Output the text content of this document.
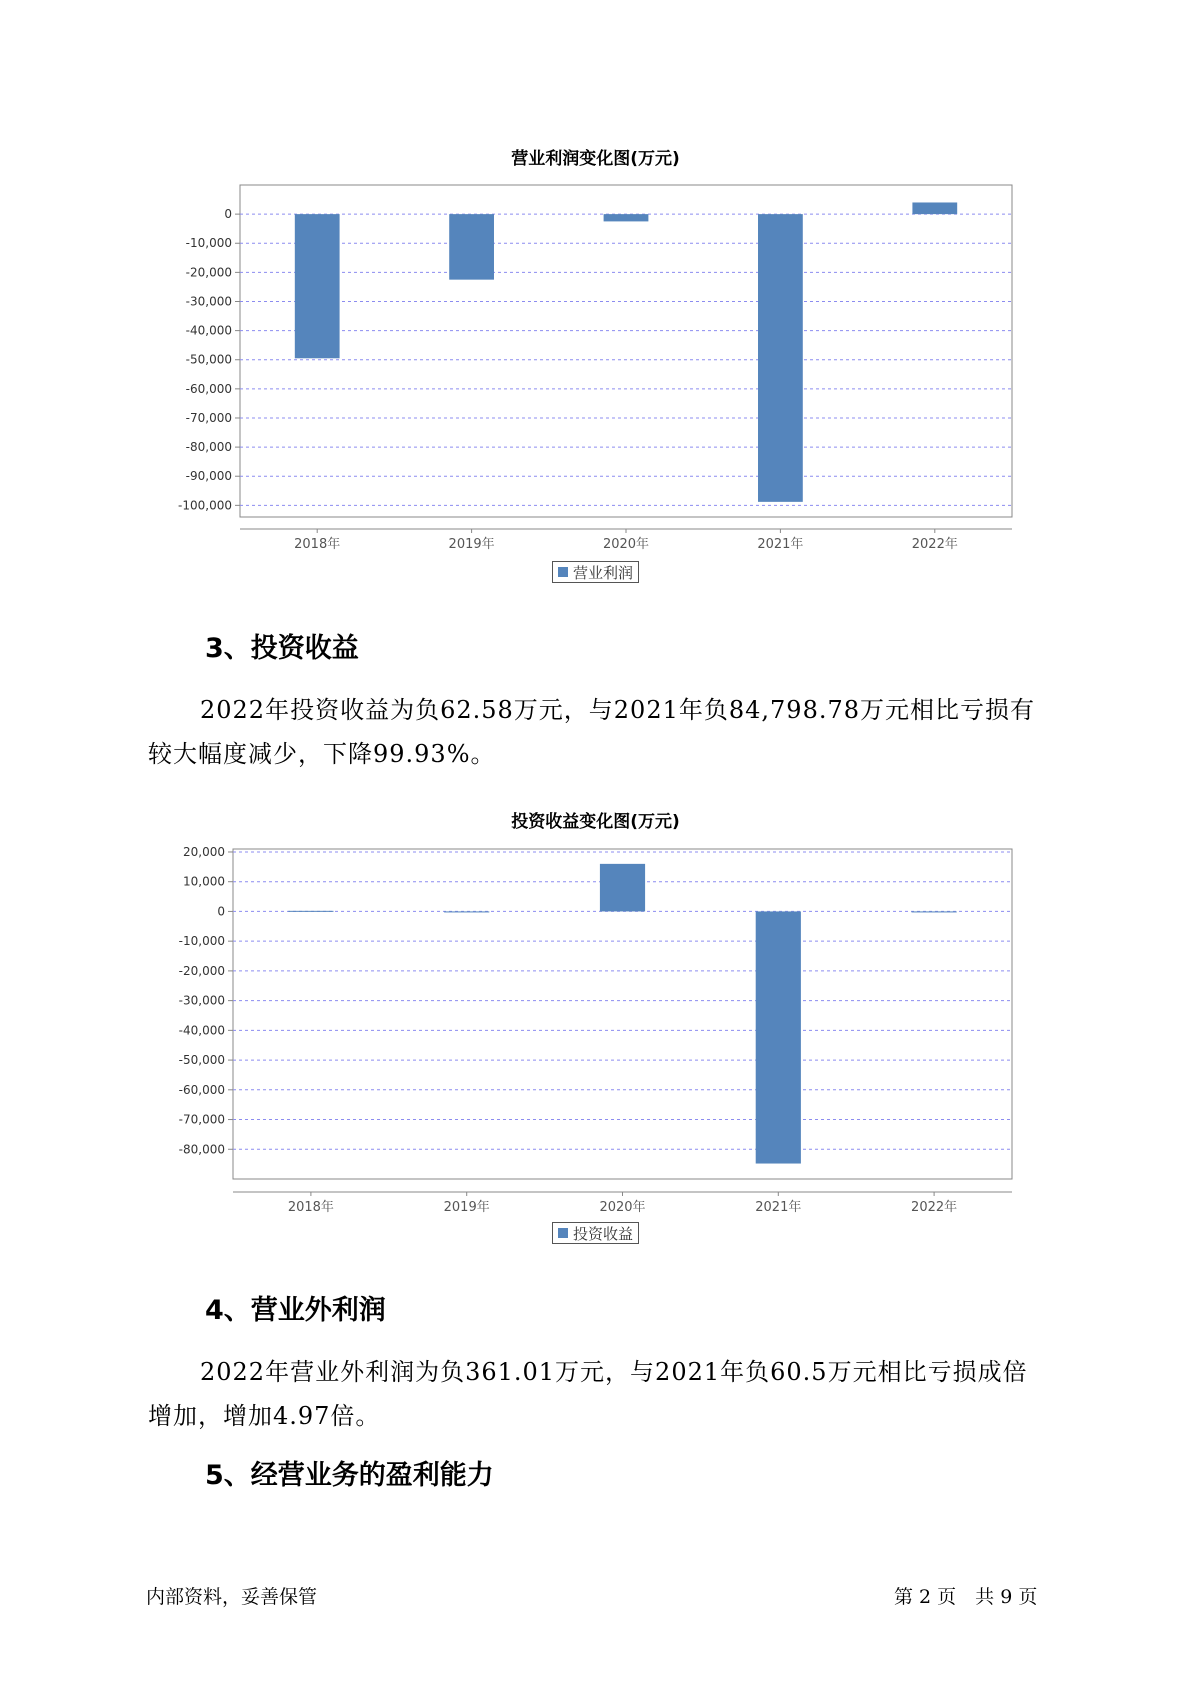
营业利润变化图(万元)
0
-10,000
-20,000
-30,000
-40,000
-50,000
-60,000
-70,000
-80,000
-90,000
-100,000
2018年	2019年	2020年	2021年	2022年
营业利润
3、投资收益
2022年投资收益为负62.58万元，与2021年负84,798.78万元相比亏损有较大幅度减少，下降99.93%。
投资收益变化图(万元)
20,000
10,000
0
-10,000
-20,000
-30,000
-40,000
-50,000
-60,000
-70,000
-80,000
2018年	2019年	2020年	2021年	2022年
投资收益
4、营业外利润
2022年营业外利润为负361.01万元，与2021年负60.5万元相比亏损成倍增加，增加4.97倍。
5、经营业务的盈利能力
内部资料，妥善保管	第 2 页　共 9 页
